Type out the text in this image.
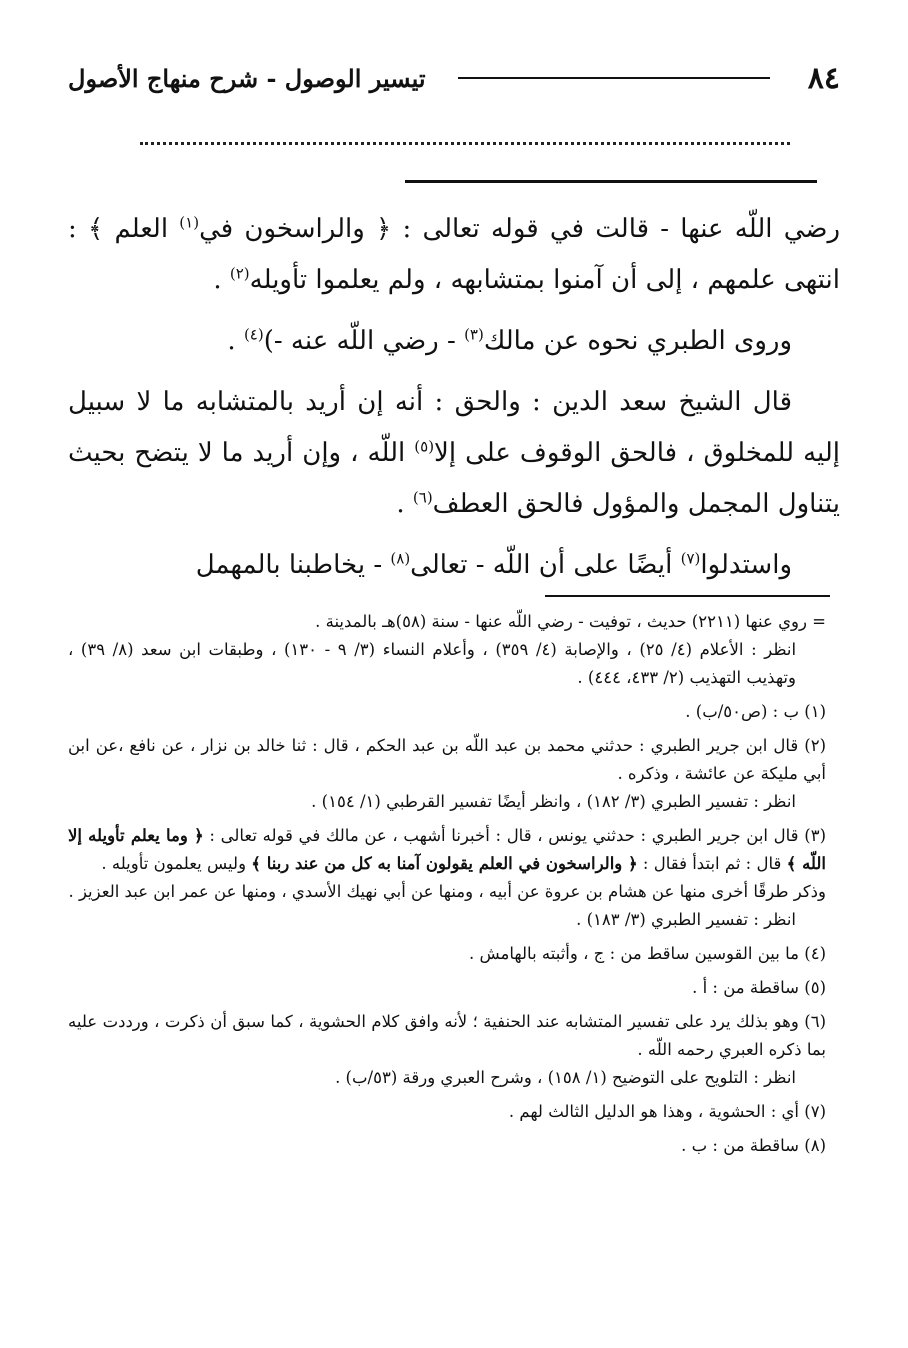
٨٤
تيسير الوصول - شرح منهاج الأصول

رضي اللّه عنها - قالت في قوله تعالى : ﴿ والراسخون في$^{(١)}$ العلم ﴾ : انتهى علمهم ، إلى أن آمنوا بمتشابهه ، ولم يعلموا تأويله$^{(٢)}$ .

وروى الطبري نحوه عن مالك$^{(٣)}$ - رضي اللّه عنه -)$^{(٤)}$ .

قال الشيخ سعد الدين : والحق : أنه إن أريد بالمتشابه ما لا سبيل إليه للمخلوق ، فالحق الوقوف على إلا$^{(٥)}$ اللّه ، وإن أريد ما لا يتضح بحيث يتناول المجمل والمؤول فالحق العطف$^{(٦)}$ .

واستدلوا$^{(٧)}$ أيضًا على أن اللّه - تعالى$^{(٨)}$ - يخاطبنا بالمهمل

= روي عنها (٢٢١١) حديث ، توفيت - رضي اللّه عنها - سنة (٥٨)هـ بالمدينة .

انظر : الأعلام (٤/ ٢٥) ، والإصابة (٤/ ٣٥٩) ، وأعلام النساء (٣/ ٩ - ١٣٠) ، وطبقات ابن سعد (٨/ ٣٩) ، وتهذيب التهذيب (٢/ ٤٣٣، ٤٤٤) .

(١) ب : (ص٥٠/ب) .

(٢) قال ابن جرير الطبري : حدثني محمد بن عبد اللّه بن عبد الحكم ، قال : ثنا خالد بن نزار ، عن نافع ،عن ابن أبي مليكة عن عائشة ، وذكره .

انظر : تفسير الطبري (٣/ ١٨٢) ، وانظر أيضًا تفسير القرطبي (١/ ١٥٤) .

(٣) قال ابن جرير الطبري : حدثني يونس ، قال : أخبرنا أشهب ، عن مالك في قوله تعالى : ﴿ وما يعلم تأويله إلا اللّه ﴾ قال : ثم ابتدأ فقال : ﴿ والراسخون في العلم يقولون آمنا به كل من عند ربنا ﴾ وليس يعلمون تأويله .

وذكر طرقًا أخرى منها عن هشام بن عروة عن أبيه ، ومنها عن أبي نهيك الأسدي ، ومنها عن عمر ابن عبد العزيز .

انظر : تفسير الطبري (٣/ ١٨٣) .

(٤) ما بين القوسين ساقط من : ج ، وأثبته بالهامش .

(٥) ساقطة من : أ .

(٦) وهو بذلك يرد على تفسير المتشابه عند الحنفية ؛ لأنه وافق كلام الحشوية ، كما سبق أن ذكرت ، ورددت عليه بما ذكره العبري رحمه اللّه .

انظر : التلويح على التوضيح (١/ ١٥٨) ، وشرح العبري ورقة (٥٣/ب) .

(٧) أي : الحشوية ، وهذا هو الدليل الثالث لهم .

(٨) ساقطة من : ب .
